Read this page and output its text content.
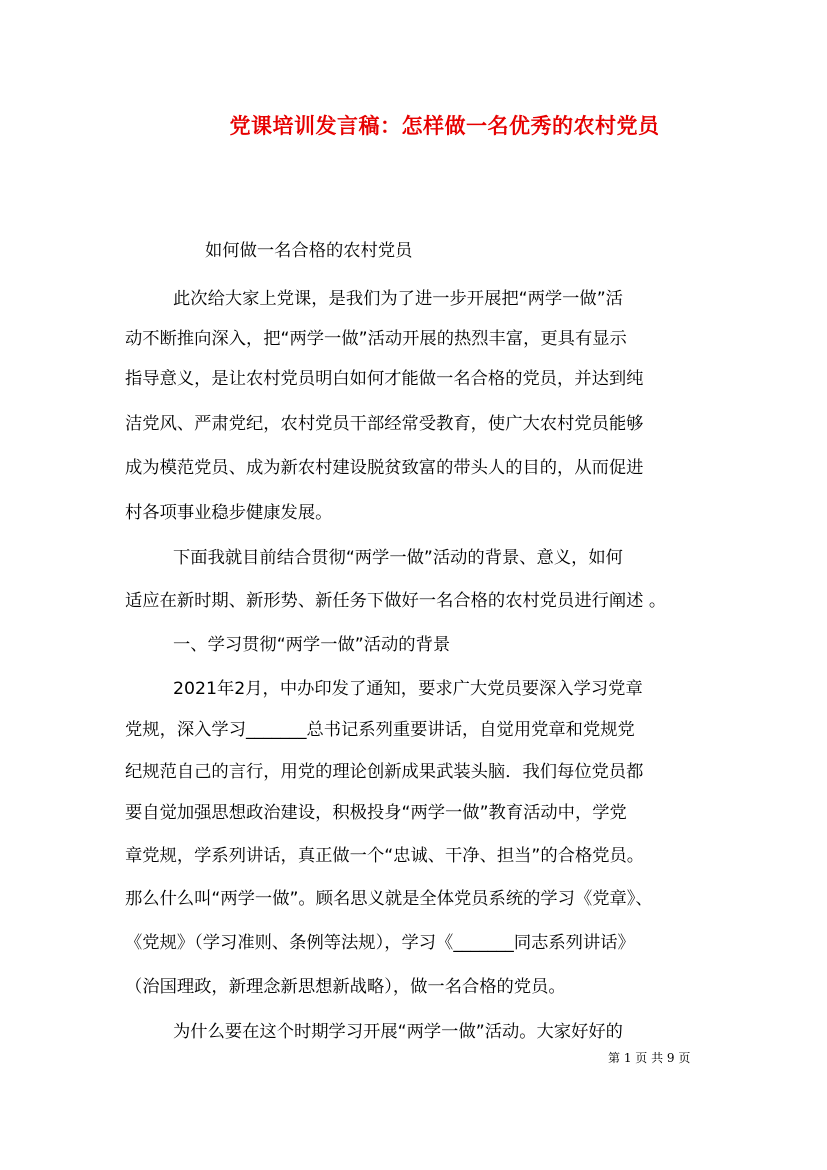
党课培训发言稿：怎样做一名优秀的农村党员
如何做一名合格的农村党员
此次给大家上党课，是我们为了进一步开展把“两学一做”活
动不断推向深入，把“两学一做”活动开展的热烈丰富，更具有显示
指导意义，是让农村党员明白如何才能做一名合格的党员，并达到纯
洁党风、严肃党纪，农村党员干部经常受教育，使广大农村党员能够
成为模范党员、成为新农村建设脱贫致富的带头人的目的，从而促进
村各项事业稳步健康发展。
下面我就目前结合贯彻“两学一做”活动的背景、意义，如何
适应在新时期、新形势、新任务下做好一名合格的农村党员进行阐述 。
一、学习贯彻“两学一做”活动的背景
2021年2月，中办印发了通知，要求广大党员要深入学习党章
党规，深入学习_______总书记系列重要讲话，自觉用党章和党规党
纪规范自己的言行，用党的理论创新成果武装头脑．我们每位党员都
要自觉加强思想政治建设，积极投身“两学一做”教育活动中，学党
章党规，学系列讲话，真正做一个“忠诚、干净、担当”的合格党员。
那么什么叫“两学一做”。顾名思义就是全体党员系统的学习《党章》、
《党规》（学习准则、条例等法规），学习《_______同志系列讲话》
（治国理政，新理念新思想新战略），做一名合格的党员。
为什么要在这个时期学习开展“两学一做”活动。大家好好的
第 1 页 共 9 页
